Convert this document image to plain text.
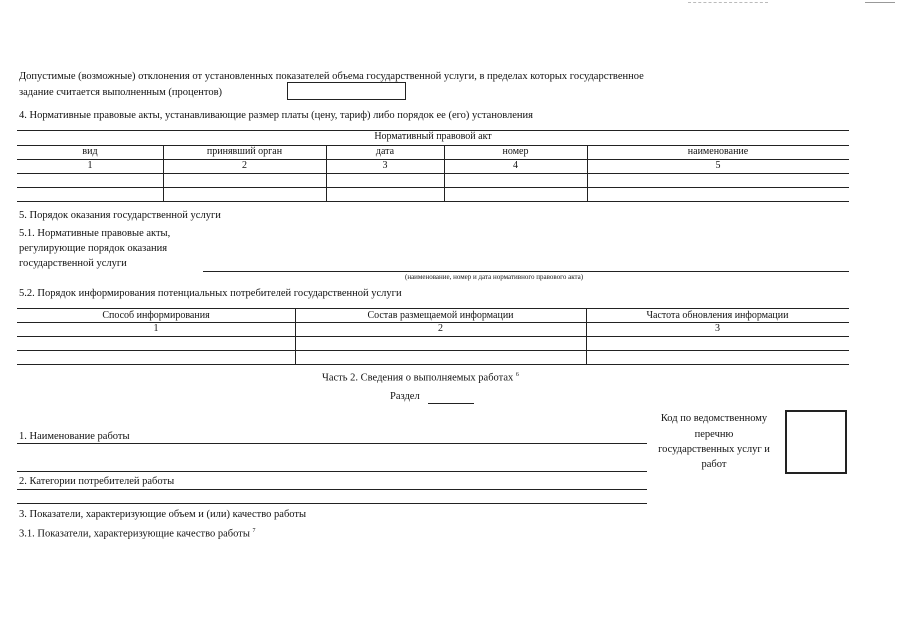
Допустимые (возможные) отклонения от установленных показателей объема государственной услуги, в пределах которых государственное
задание считается выполненным (процентов)
4. Нормативные правовые акты, устанавливающие размер платы (цену, тариф) либо порядок ее (его) установления
Нормативный правовой акт
вид	принявший орган	дата	номер	наименование
1	2	3	4	5
5. Порядок оказания государственной услуги
5.1. Нормативные правовые акты,
регулирующие порядок оказания
государственной услуги
(наименование, номер и дата нормативного правового акта)
5.2. Порядок информирования потенциальных потребителей государственной услуги
Способ информирования	Состав размещаемой информации	Частота обновления информации
1	2	3
Часть 2. Сведения о выполняемых работах $^6$
Раздел
Код по ведомственному
перечню
государственных услуг и
работ
1. Наименование работы
2. Категории потребителей работы
3. Показатели, характеризующие объем и (или) качество работы
3.1. Показатели, характеризующие качество работы $^7$
